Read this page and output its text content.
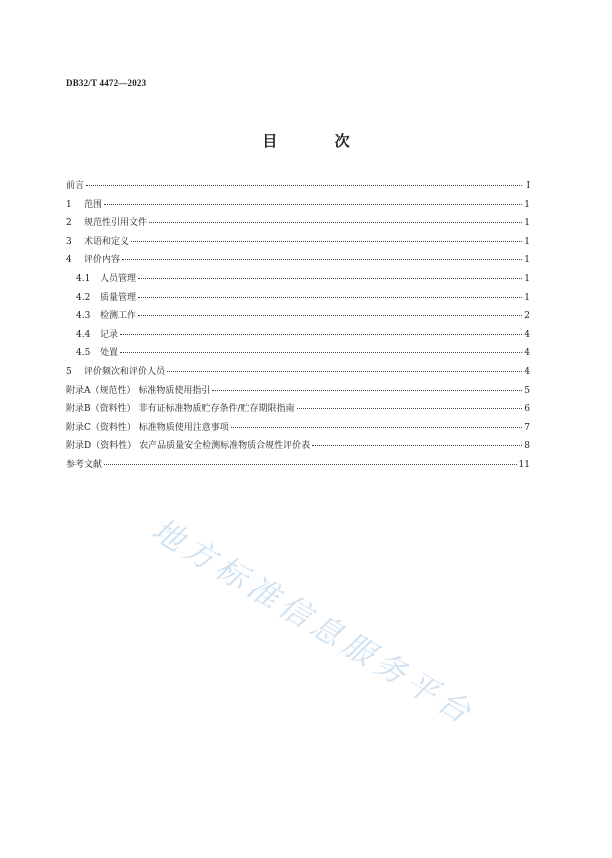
DB32/T 4472—2023
目 次
前言	I
1	范围	1
2	规范性引用文件	1
3	术语和定义	1
4	评价内容	1
4.1	人员管理	1
4.2	质量管理	1
4.3	检测工作	2
4.4	记录	4
4.5	处置	4
5	评价频次和评价人员	4
附录A（规范性） 标准物质使用指引	5
附录B（资料性） 非有证标准物质贮存条件/贮存期限指南	6
附录C（资料性） 标准物质使用注意事项	7
附录D（资料性） 农产品质量安全检测标准物质合规性评价表	8
参考文献	11
地方标准信息服务平台
